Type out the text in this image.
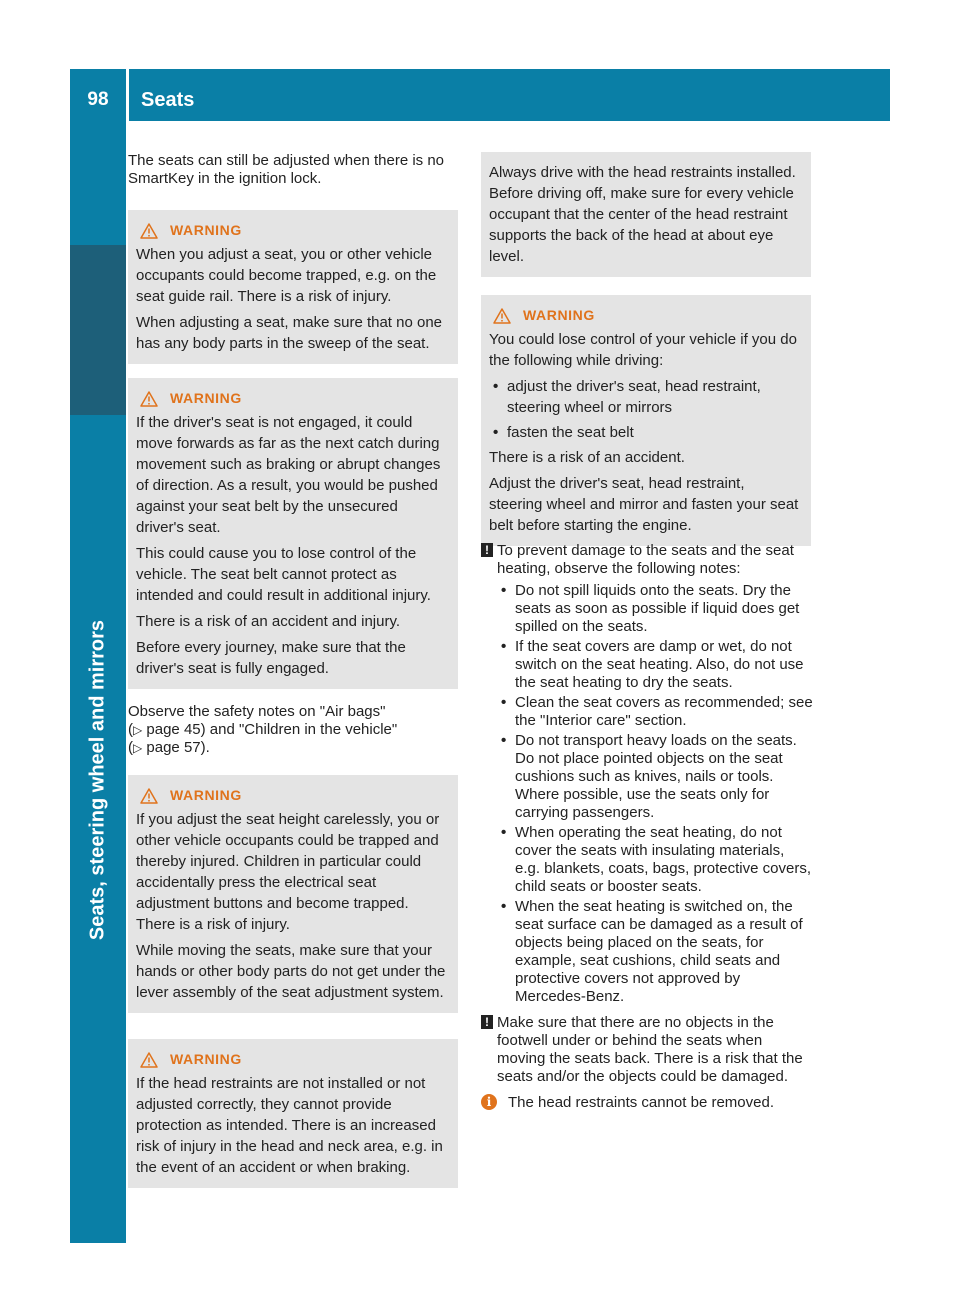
98	Seats
Seats, steering wheel and mirrors

The seats can still be adjusted when there is no SmartKey in the ignition lock.

WARNING

When you adjust a seat, you or other vehicle occupants could become trapped, e.g. on the seat guide rail. There is a risk of injury.

When adjusting a seat, make sure that no one has any body parts in the sweep of the seat.

WARNING

If the driver's seat is not engaged, it could move forwards as far as the next catch during movement such as braking or abrupt changes of direction. As a result, you would be pushed against your seat belt by the unsecured driver's seat.

This could cause you to lose control of the vehicle. The seat belt cannot protect as intended and could result in additional injury.

There is a risk of an accident and injury.

Before every journey, make sure that the driver's seat is fully engaged.

Observe the safety notes on "Air bags"
(▷ page 45) and "Children in the vehicle"
(▷ page 57).
WARNING

If you adjust the seat height carelessly, you or other vehicle occupants could be trapped and thereby injured. Children in particular could accidentally press the electrical seat adjustment buttons and become trapped. There is a risk of injury.

While moving the seats, make sure that your hands or other body parts do not get under the lever assembly of the seat adjustment system.

WARNING

If the head restraints are not installed or not adjusted correctly, they cannot provide protection as intended. There is an increased risk of injury in the head and neck area, e.g. in the event of an accident or when braking.

Always drive with the head restraints installed. Before driving off, make sure for every vehicle occupant that the center of the head restraint supports the back of the head at about eye level.

WARNING

You could lose control of your vehicle if you do the following while driving:

• adjust the driver's seat, head restraint, steering wheel or mirrors
• fasten the seat belt

There is a risk of an accident.

Adjust the driver's seat, head restraint, steering wheel and mirror and fasten your seat belt before starting the engine.

! To prevent damage to the seats and the seat heating, observe the following notes:

• Do not spill liquids onto the seats. Dry the seats as soon as possible if liquid does get spilled on the seats.
• If the seat covers are damp or wet, do not switch on the seat heating. Also, do not use the seat heating to dry the seats.
• Clean the seat covers as recommended; see the "Interior care" section.
• Do not transport heavy loads on the seats. Do not place pointed objects on the seat cushions such as knives, nails or tools. Where possible, use the seats only for carrying passengers.
• When operating the seat heating, do not cover the seats with insulating materials, e.g. blankets, coats, bags, protective covers, child seats or booster seats.
• When the seat heating is switched on, the seat surface can be damaged as a result of objects being placed on the seats, for example, seat cushions, child seats and protective covers not approved by Mercedes-Benz.
! Make sure that there are no objects in the footwell under or behind the seats when moving the seats back. There is a risk that the seats and/or the objects could be damaged.

i	The head restraints cannot be removed.
